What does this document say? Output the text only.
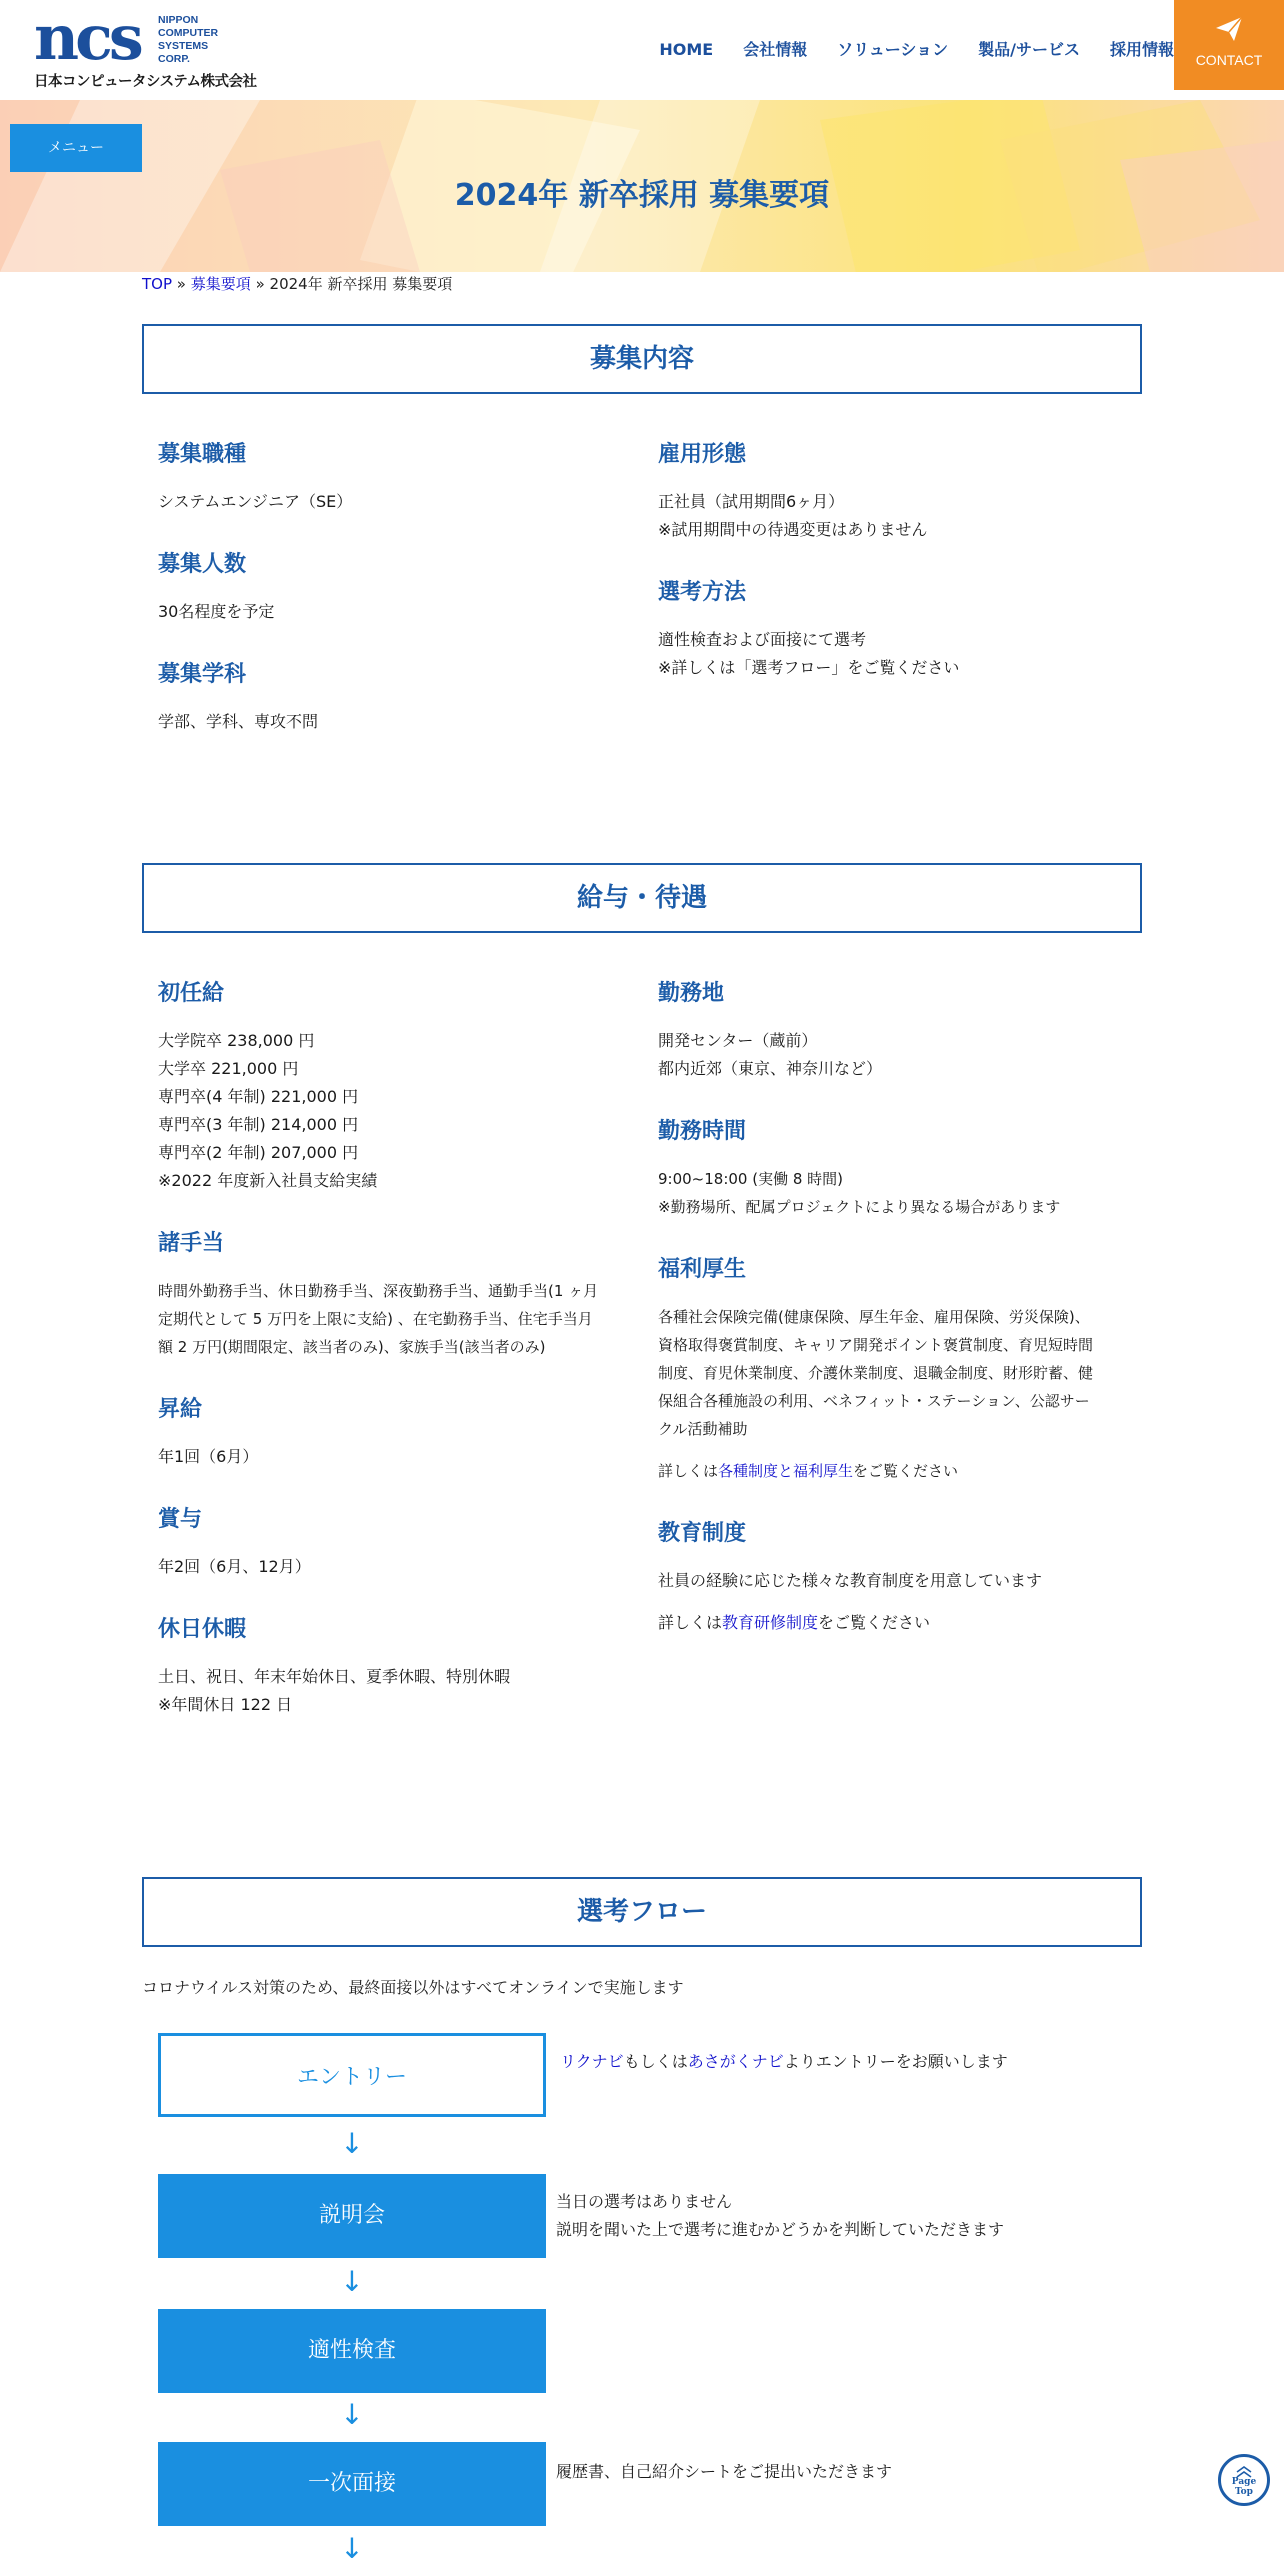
ncs NIPPON
COMPUTER
SYSTEMS
CORP.
日本コンピュータシステム株式会社
HOME 会社情報 ソリューション 製品/サービス 採用情報
CONTACT
メニュー
2024年 新卒採用 募集要項
TOP » 募集要項 » 2024年 新卒採用 募集要項
募集内容
募集職種
システムエンジニア（SE）
募集人数
30名程度を予定
募集学科
学部、学科、専攻不問
雇用形態
正社員（試用期間6ヶ月）
※試用期間中の待遇変更はありません
選考方法
適性検査および面接にて選考
※詳しくは「選考フロー」をご覧ください
給与・待遇
初任給
大学院卒 238,000 円
大学卒 221,000 円
専門卒(4 年制) 221,000 円
専門卒(3 年制) 214,000 円
専門卒(2 年制) 207,000 円
※2022 年度新入社員支給実績
諸手当
時間外勤務手当、休日勤務手当、深夜勤務手当、通勤手当(1 ヶ月
定期代として 5 万円を上限に支給) 、在宅勤務手当、住宅手当月
額 2 万円(期間限定、該当者のみ)、家族手当(該当者のみ)
昇給
年1回（6月）
賞与
年2回（6月、12月）
休日休暇
土日、祝日、年末年始休日、夏季休暇、特別休暇
※年間休日 122 日
勤務地
開発センター（蔵前）
都内近郊（東京、神奈川など）
勤務時間
9:00~18:00 (実働 8 時間)
※勤務場所、配属プロジェクトにより異なる場合があります
福利厚生
各種社会保険完備(健康保険、厚生年金、雇用保険、労災保険)、
資格取得褒賞制度、キャリア開発ポイント褒賞制度、育児短時間
制度、育児休業制度、介護休業制度、退職金制度、財形貯蓄、健
保組合各種施設の利用、ベネフィット・ステーション、公認サー
クル活動補助
詳しくは各種制度と福利厚生をご覧ください
教育制度
社員の経験に応じた様々な教育制度を用意しています
詳しくは教育研修制度をご覧ください
選考フロー
コロナウイルス対策のため、最終面接以外はすべてオンラインで実施します
エントリー
リクナビもしくはあさがくナビよりエントリーをお願いします
↓
説明会
当日の選考はありません
説明を聞いた上で選考に進むかどうかを判断していただきます
↓
適性検査
↓
一次面接	履歴書、自己紹介シートをご提出いただきます
↓
Page
Top
